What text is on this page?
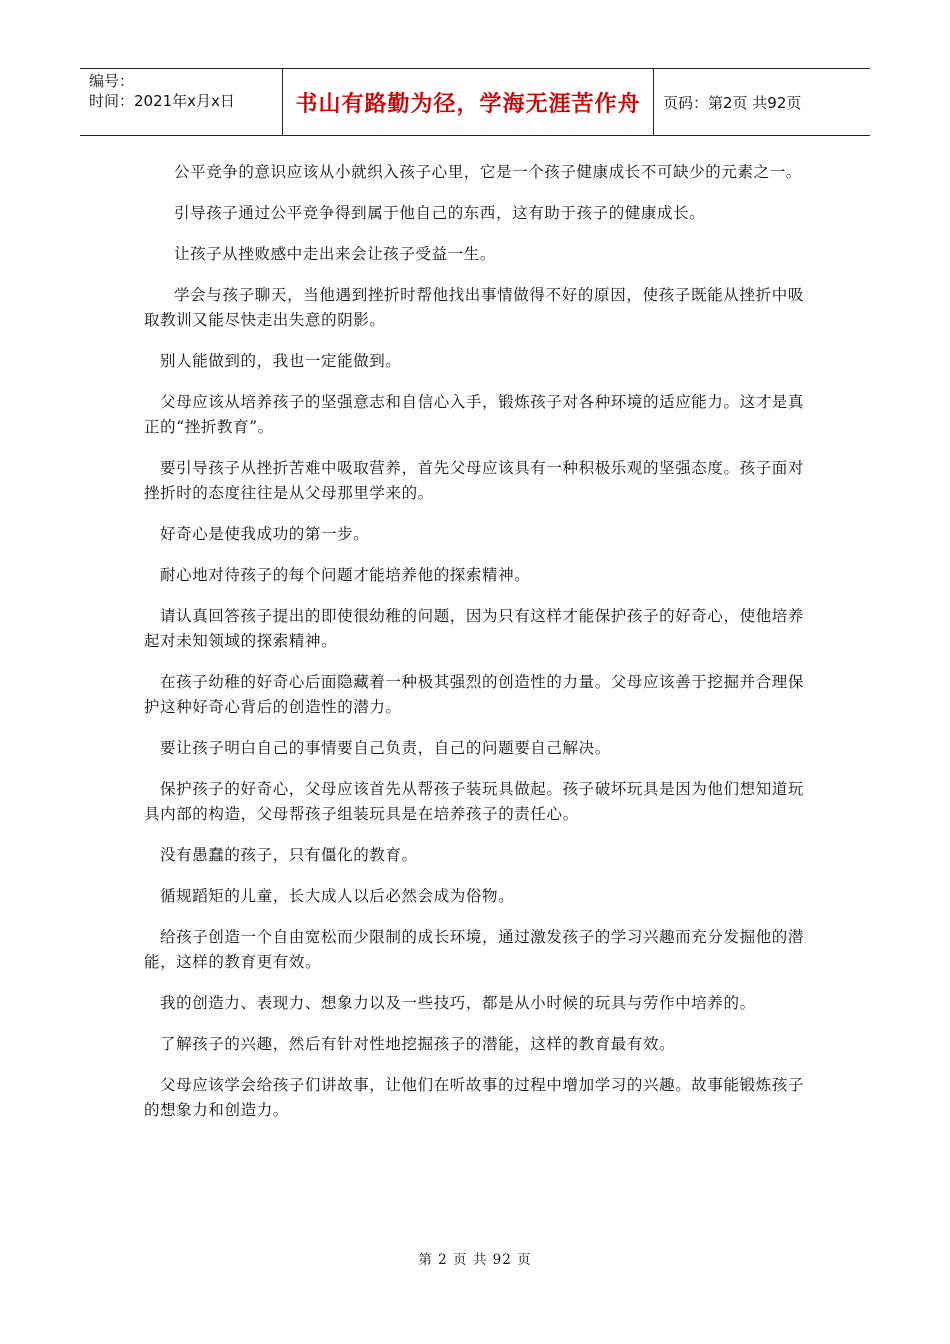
编号：
时间：2021年x月x日	书山有路勤为径，学海无涯苦作舟 页码：第2页 共92页

公平竞争的意识应该从小就织入孩子心里，它是一个孩子健康成长不可缺少的元素之一。

引导孩子通过公平竞争得到属于他自己的东西，这有助于孩子的健康成长。

让孩子从挫败感中走出来会让孩子受益一生。

学会与孩子聊天，当他遇到挫折时帮他找出事情做得不好的原因，使孩子既能从挫折中吸取教训又能尽快走出失意的阴影。

别人能做到的，我也一定能做到。

父母应该从培养孩子的坚强意志和自信心入手，锻炼孩子对各种环境的适应能力。这才是真正的“挫折教育”。

要引导孩子从挫折苦难中吸取营养，首先父母应该具有一种积极乐观的坚强态度。孩子面对挫折时的态度往往是从父母那里学来的。

好奇心是使我成功的第一步。

耐心地对待孩子的每个问题才能培养他的探索精神。

请认真回答孩子提出的即使很幼稚的问题，因为只有这样才能保护孩子的好奇心，使他培养起对未知领域的探索精神。

在孩子幼稚的好奇心后面隐藏着一种极其强烈的创造性的力量。父母应该善于挖掘并合理保护这种好奇心背后的创造性的潜力。

要让孩子明白自己的事情要自己负责，自己的问题要自己解决。

保护孩子的好奇心，父母应该首先从帮孩子装玩具做起。孩子破坏玩具是因为他们想知道玩具内部的构造，父母帮孩子组装玩具是在培养孩子的责任心。

没有愚蠢的孩子，只有僵化的教育。

循规蹈矩的儿童，长大成人以后必然会成为俗物。

给孩子创造一个自由宽松而少限制的成长环境，通过激发孩子的学习兴趣而充分发掘他的潜能，这样的教育更有效。

我的创造力、表现力、想象力以及一些技巧，都是从小时候的玩具与劳作中培养的。

了解孩子的兴趣，然后有针对性地挖掘孩子的潜能，这样的教育最有效。

父母应该学会给孩子们讲故事，让他们在听故事的过程中增加学习的兴趣。故事能锻炼孩子的想象力和创造力。

第 2 页 共 92 页
